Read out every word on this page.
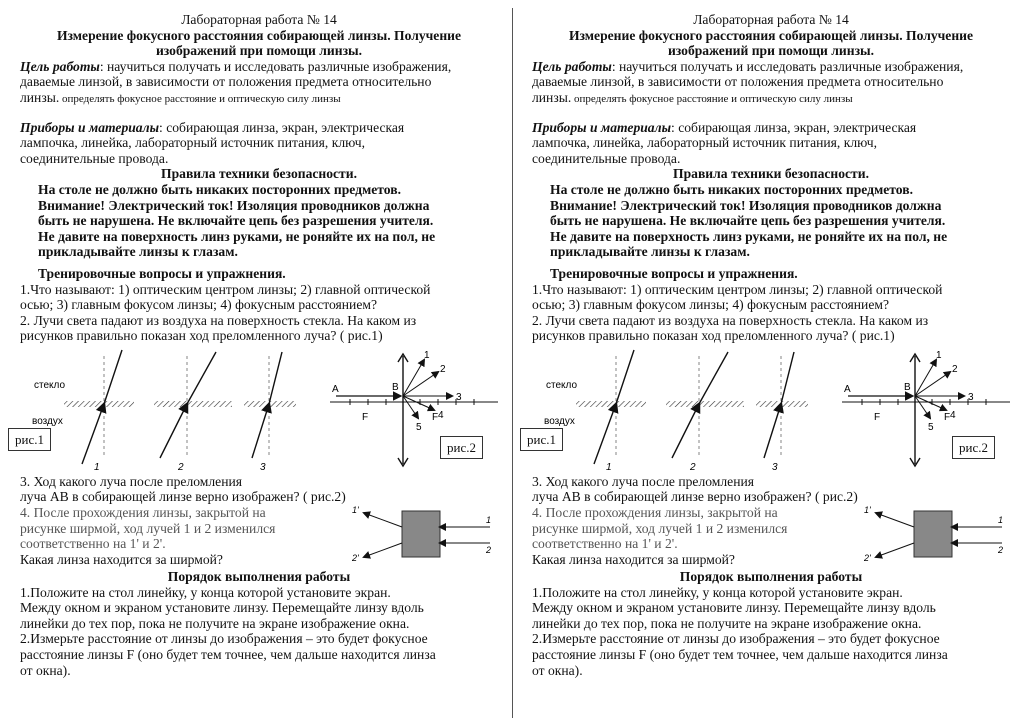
Лабораторная работа № 14
Измерение фокусного расстояния собирающей линзы. Получение
изображений при помощи линзы.
Цель работы: научиться получать и исследовать различные изображения,
даваемые линзой, в зависимости от положения предмета относительно
линзы. определять фокусное расстояние и оптическую силу линзы
Приборы и материалы: собирающая линза, экран, электрическая
лампочка, линейка, лабораторный источник питания, ключ,
соединительные провода.
Правила техники безопасности.
На столе не должно быть никаких посторонних предметов.
Внимание! Электрический ток! Изоляция проводников должна
быть не нарушена. Не включайте цепь без разрешения учителя.
Не давите на поверхность линз руками, не роняйте их на пол, не
прикладывайте линзы к глазам.
Тренировочные вопросы и упражнения.
1.Что называют: 1) оптическим центром линзы; 2) главной оптической
осью; 3) главным фокусом линзы; 4) фокусным расстоянием?
2. Лучи света падают из воздуха на поверхность стекла. На каком из
рисунков правильно показан ход преломленного луча? ( рис.1)
стекло
воздух
1	2	3
A	B
1
2
3
4
5
F	F
рис.1
рис.2
3. Ход какого луча после преломления
луча АВ в собирающей линзе верно изображен? ( рис.2)
4. После прохождения линзы, закрытой на
рисунке ширмой, ход лучей 1 и 2 изменился
соответственно на 1' и 2'.
Какая линза находится за ширмой?
1'
2'
1
2
Порядок выполнения работы
1.Положите на стол линейку, у конца которой установите экран.
Между окном и экраном установите линзу. Перемещайте линзу вдоль
линейки до тех пор, пока не получите на экране изображение окна.
2.Измерьте расстояние от линзы до изображения – это будет фокусное
расстояние линзы F (оно будет тем точнее, чем дальше находится линза
от окна).
Лабораторная работа № 14
Измерение фокусного расстояния собирающей линзы. Получение
изображений при помощи линзы.
Цель работы: научиться получать и исследовать различные изображения,
даваемые линзой, в зависимости от положения предмета относительно
линзы. определять фокусное расстояние и оптическую силу линзы
Приборы и материалы: собирающая линза, экран, электрическая
лампочка, линейка, лабораторный источник питания, ключ,
соединительные провода.
Правила техники безопасности.
На столе не должно быть никаких посторонних предметов.
Внимание! Электрический ток! Изоляция проводников должна
быть не нарушена. Не включайте цепь без разрешения учителя.
Не давите на поверхность линз руками, не роняйте их на пол, не
прикладывайте линзы к глазам.
Тренировочные вопросы и упражнения.
1.Что называют: 1) оптическим центром линзы; 2) главной оптической
осью; 3) главным фокусом линзы; 4) фокусным расстоянием?
2. Лучи света падают из воздуха на поверхность стекла. На каком из
рисунков правильно показан ход преломленного луча? ( рис.1)
стекло
воздух
1	2	3
A	B
1
2
3
4
5
F	F
рис.1
рис.2
3. Ход какого луча после преломления
луча АВ в собирающей линзе верно изображен? ( рис.2)
4. После прохождения линзы, закрытой на
рисунке ширмой, ход лучей 1 и 2 изменился
соответственно на 1' и 2'.
Какая линза находится за ширмой?
1'
2'
1
2
Порядок выполнения работы
1.Положите на стол линейку, у конца которой установите экран.
Между окном и экраном установите линзу. Перемещайте линзу вдоль
линейки до тех пор, пока не получите на экране изображение окна.
2.Измерьте расстояние от линзы до изображения – это будет фокусное
расстояние линзы F (оно будет тем точнее, чем дальше находится линза
от окна).
